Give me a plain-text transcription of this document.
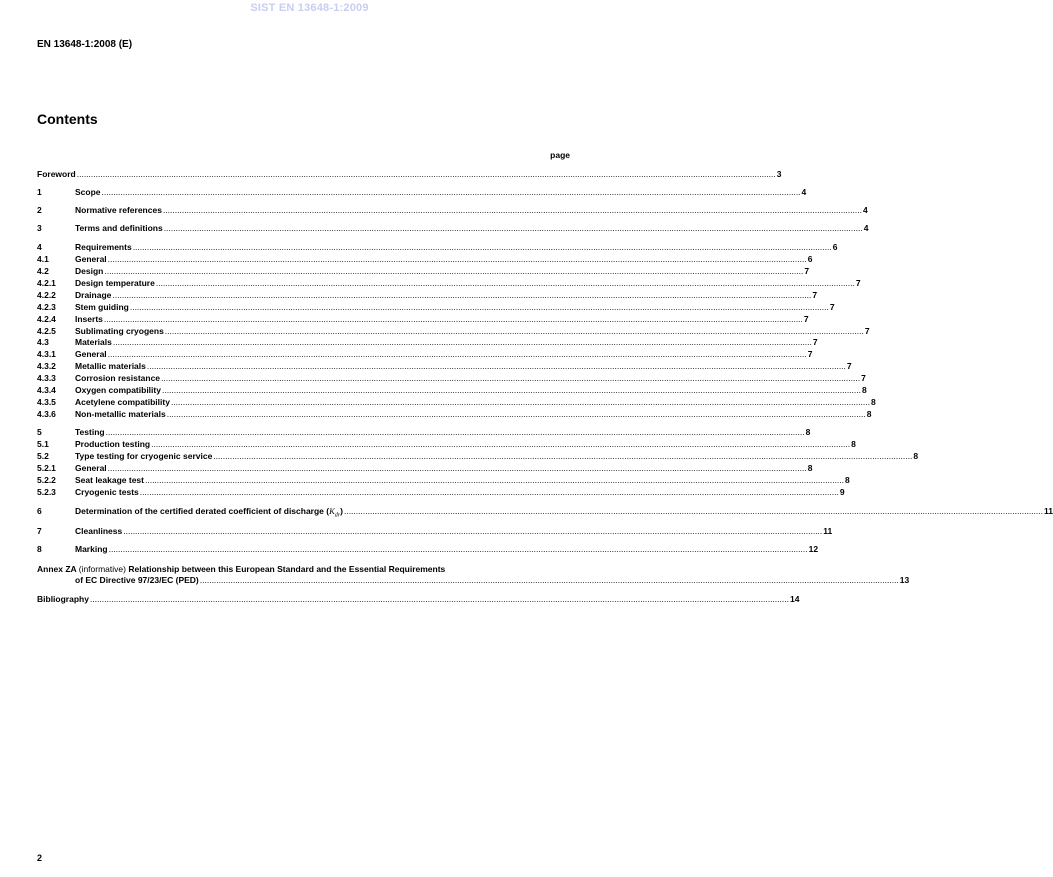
SIST EN 13648-1:2009
EN 13648-1:2008 (E)
Contents
page
Foreword .....	3
1	Scope .....	4
2	Normative references .....	4
3	Terms and definitions .....	4
4	Requirements .....	6
4.1	General .....	6
4.2	Design .....	7
4.2.1	Design temperature .....	7
4.2.2	Drainage .....	7
4.2.3	Stem guiding .....	7
4.2.4	Inserts .....	7
4.2.5	Sublimating cryogens .....	7
4.3	Materials .....	7
4.3.1	General .....	7
4.3.2	Metallic materials .....	7
4.3.3	Corrosion resistance .....	7
4.3.4	Oxygen compatibility .....	8
4.3.5	Acetylene compatibility .....	8
4.3.6	Non-metallic materials .....	8
5	Testing .....	8
5.1	Production testing .....	8
5.2	Type testing for cryogenic service .....	8
5.2.1	General .....	8
5.2.2	Seat leakage test .....	8
5.2.3	Cryogenic tests .....	9
6	Determination of the certified derated coefficient of discharge $(K_{dr})$ .....	11
7	Cleanliness .....	11
8	Marking .....	12
Annex ZA (informative) Relationship between this European Standard and the Essential Requirements
of EC Directive 97/23/EC (PED) .....	13
Bibliography .....	14
2
